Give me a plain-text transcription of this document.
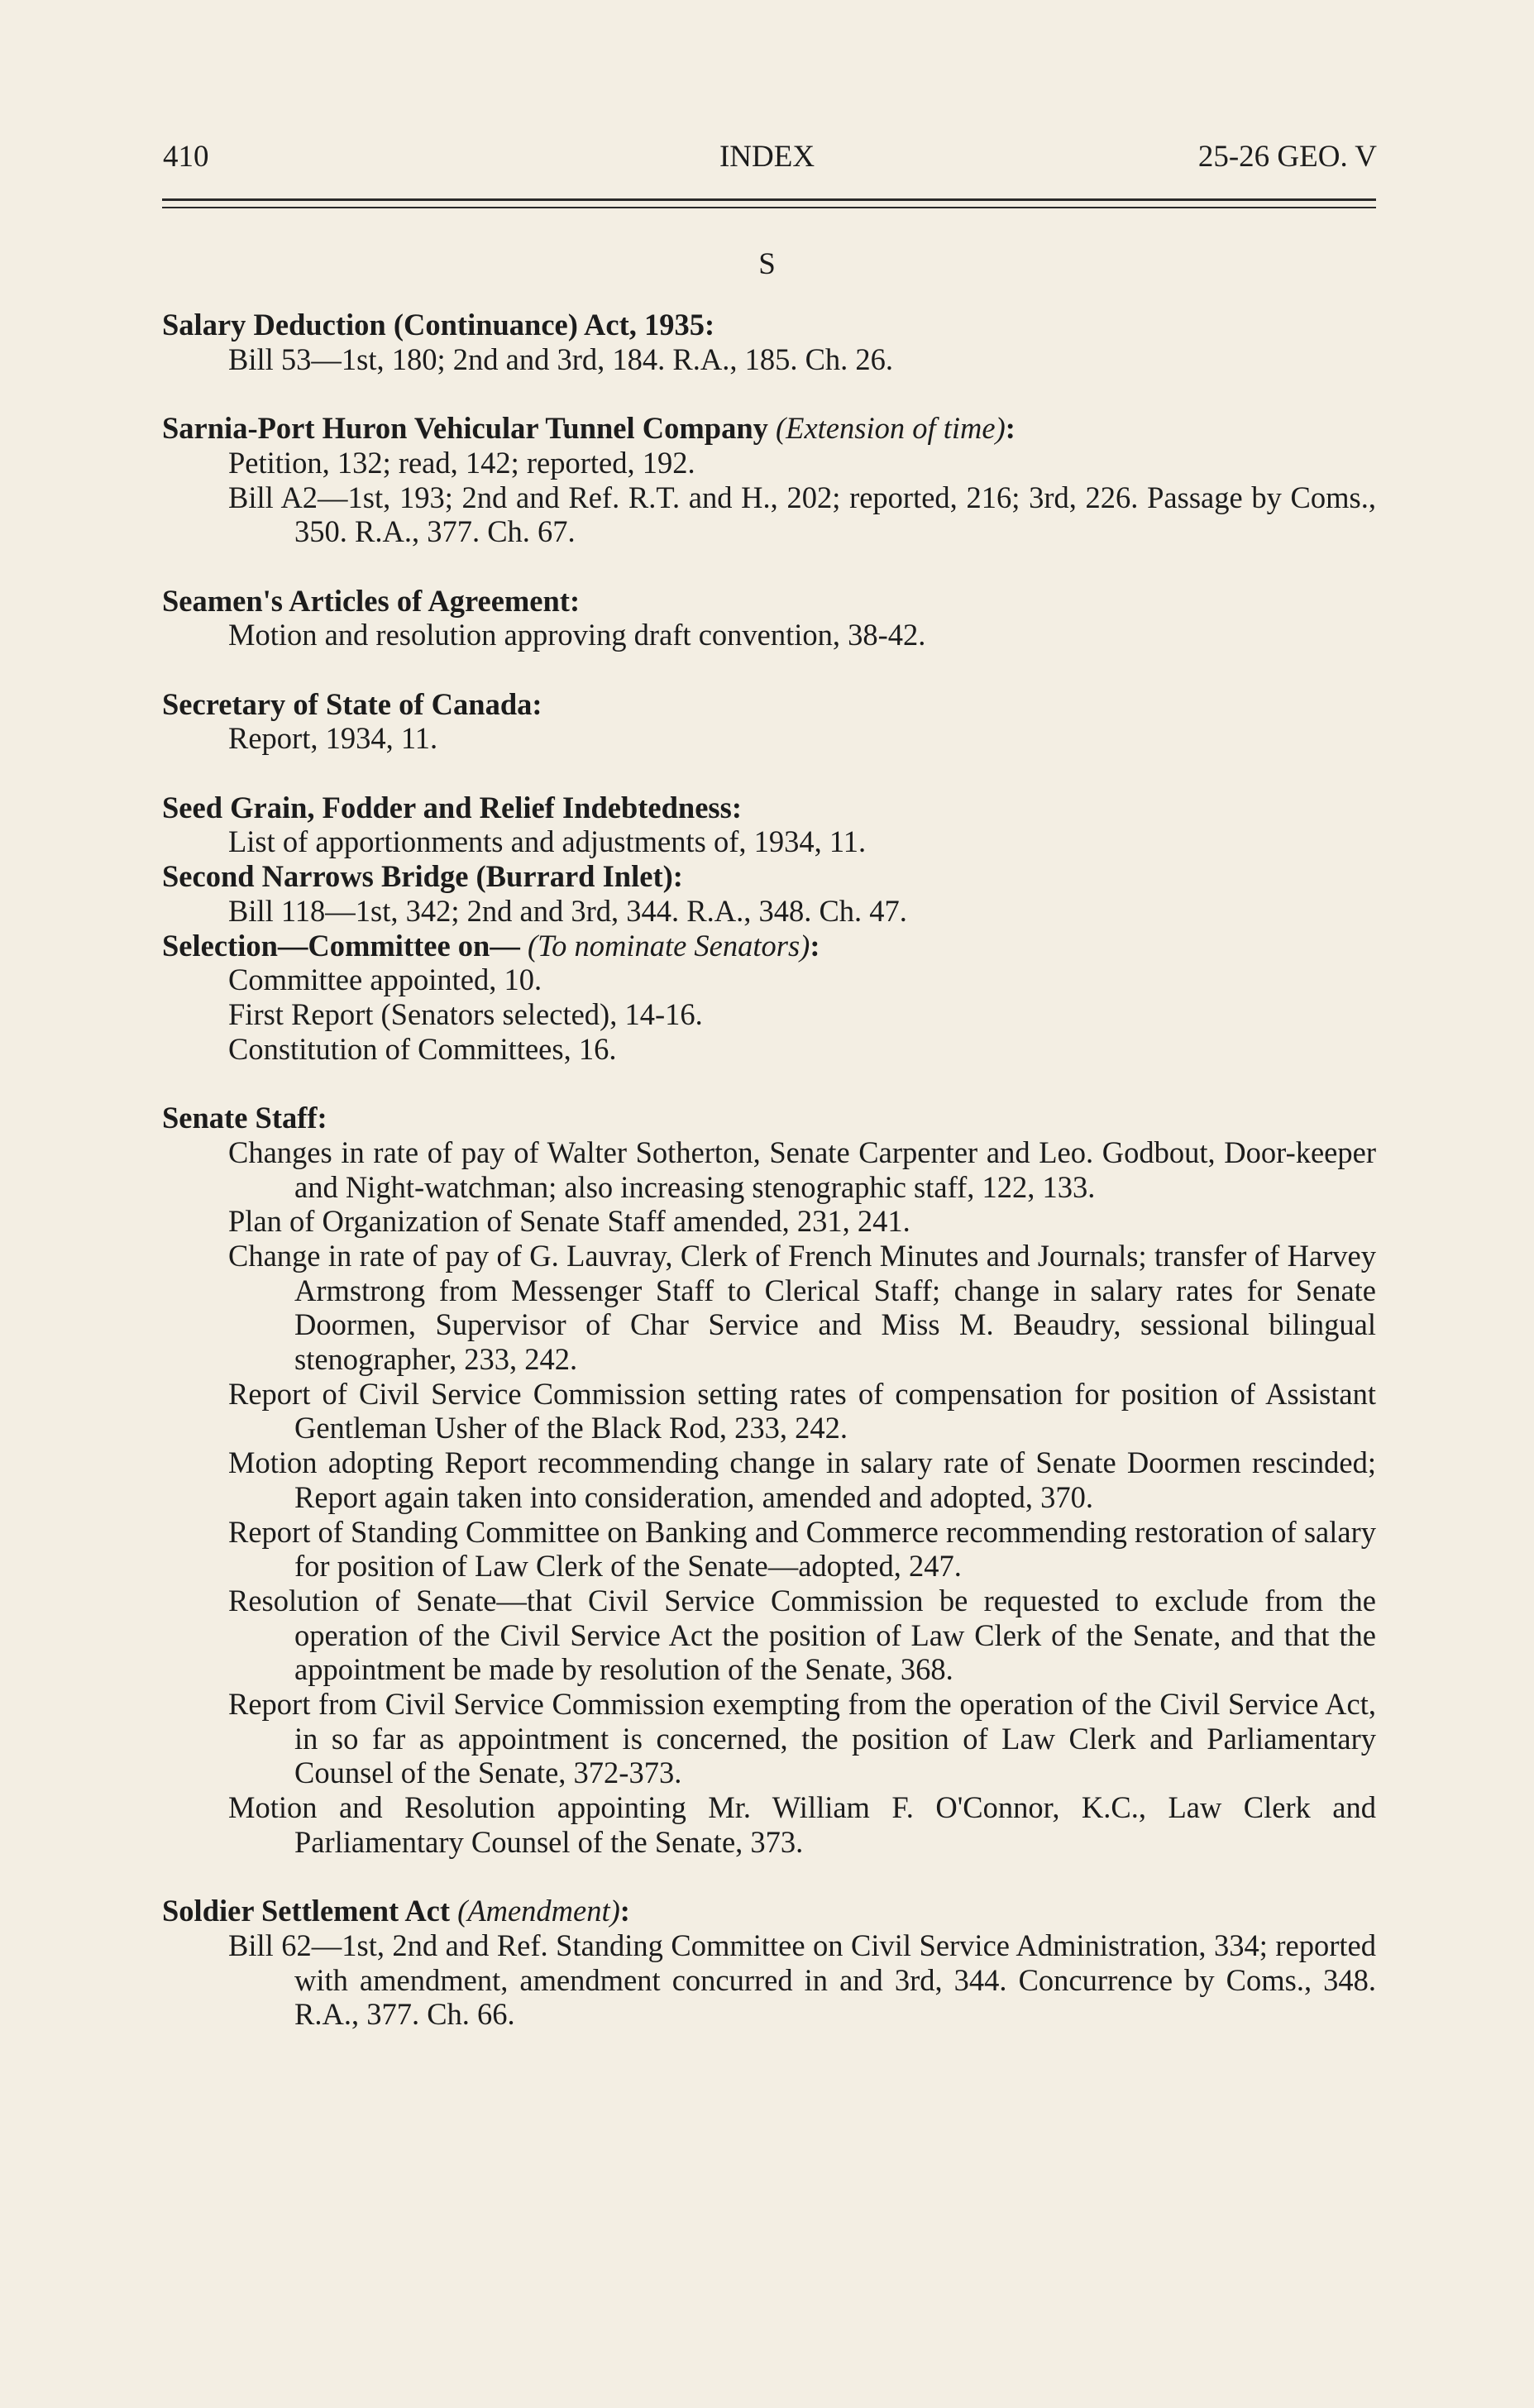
410	INDEX	25-26 GEO. V
S
Salary Deduction (Continuance) Act, 1935:
Bill 53—1st, 180; 2nd and 3rd, 184. R.A., 185. Ch. 26.
Sarnia-Port Huron Vehicular Tunnel Company (Extension of time):
Petition, 132; read, 142; reported, 192.
Bill A2—1st, 193; 2nd and Ref. R.T. and H., 202; reported, 216; 3rd, 226. Passage by Coms., 350. R.A., 377. Ch. 67.
Seamen's Articles of Agreement:
Motion and resolution approving draft convention, 38-42.
Secretary of State of Canada:
Report, 1934, 11.
Seed Grain, Fodder and Relief Indebtedness:
List of apportionments and adjustments of, 1934, 11.
Second Narrows Bridge (Burrard Inlet):
Bill 118—1st, 342; 2nd and 3rd, 344. R.A., 348. Ch. 47.
Selection—Committee on— (To nominate Senators):
Committee appointed, 10.
First Report (Senators selected), 14-16.
Constitution of Committees, 16.
Senate Staff:
Changes in rate of pay of Walter Sotherton, Senate Carpenter and Leo. Godbout, Door-keeper and Night-watchman; also increasing stenographic staff, 122, 133.
Plan of Organization of Senate Staff amended, 231, 241.
Change in rate of pay of G. Lauvray, Clerk of French Minutes and Journals; transfer of Harvey Armstrong from Messenger Staff to Clerical Staff; change in salary rates for Senate Doormen, Supervisor of Char Service and Miss M. Beaudry, sessional bilingual stenographer, 233, 242.
Report of Civil Service Commission setting rates of compensation for position of Assistant Gentleman Usher of the Black Rod, 233, 242.
Motion adopting Report recommending change in salary rate of Senate Doormen rescinded; Report again taken into consideration, amended and adopted, 370.
Report of Standing Committee on Banking and Commerce recommending restoration of salary for position of Law Clerk of the Senate—adopted, 247.
Resolution of Senate—that Civil Service Commission be requested to exclude from the operation of the Civil Service Act the position of Law Clerk of the Senate, and that the appointment be made by resolution of the Senate, 368.
Report from Civil Service Commission exempting from the operation of the Civil Service Act, in so far as appointment is concerned, the position of Law Clerk and Parliamentary Counsel of the Senate, 372-373.
Motion and Resolution appointing Mr. William F. O'Connor, K.C., Law Clerk and Parliamentary Counsel of the Senate, 373.
Soldier Settlement Act (Amendment):
Bill 62—1st, 2nd and Ref. Standing Committee on Civil Service Administration, 334; reported with amendment, amendment concurred in and 3rd, 344. Concurrence by Coms., 348. R.A., 377. Ch. 66.
